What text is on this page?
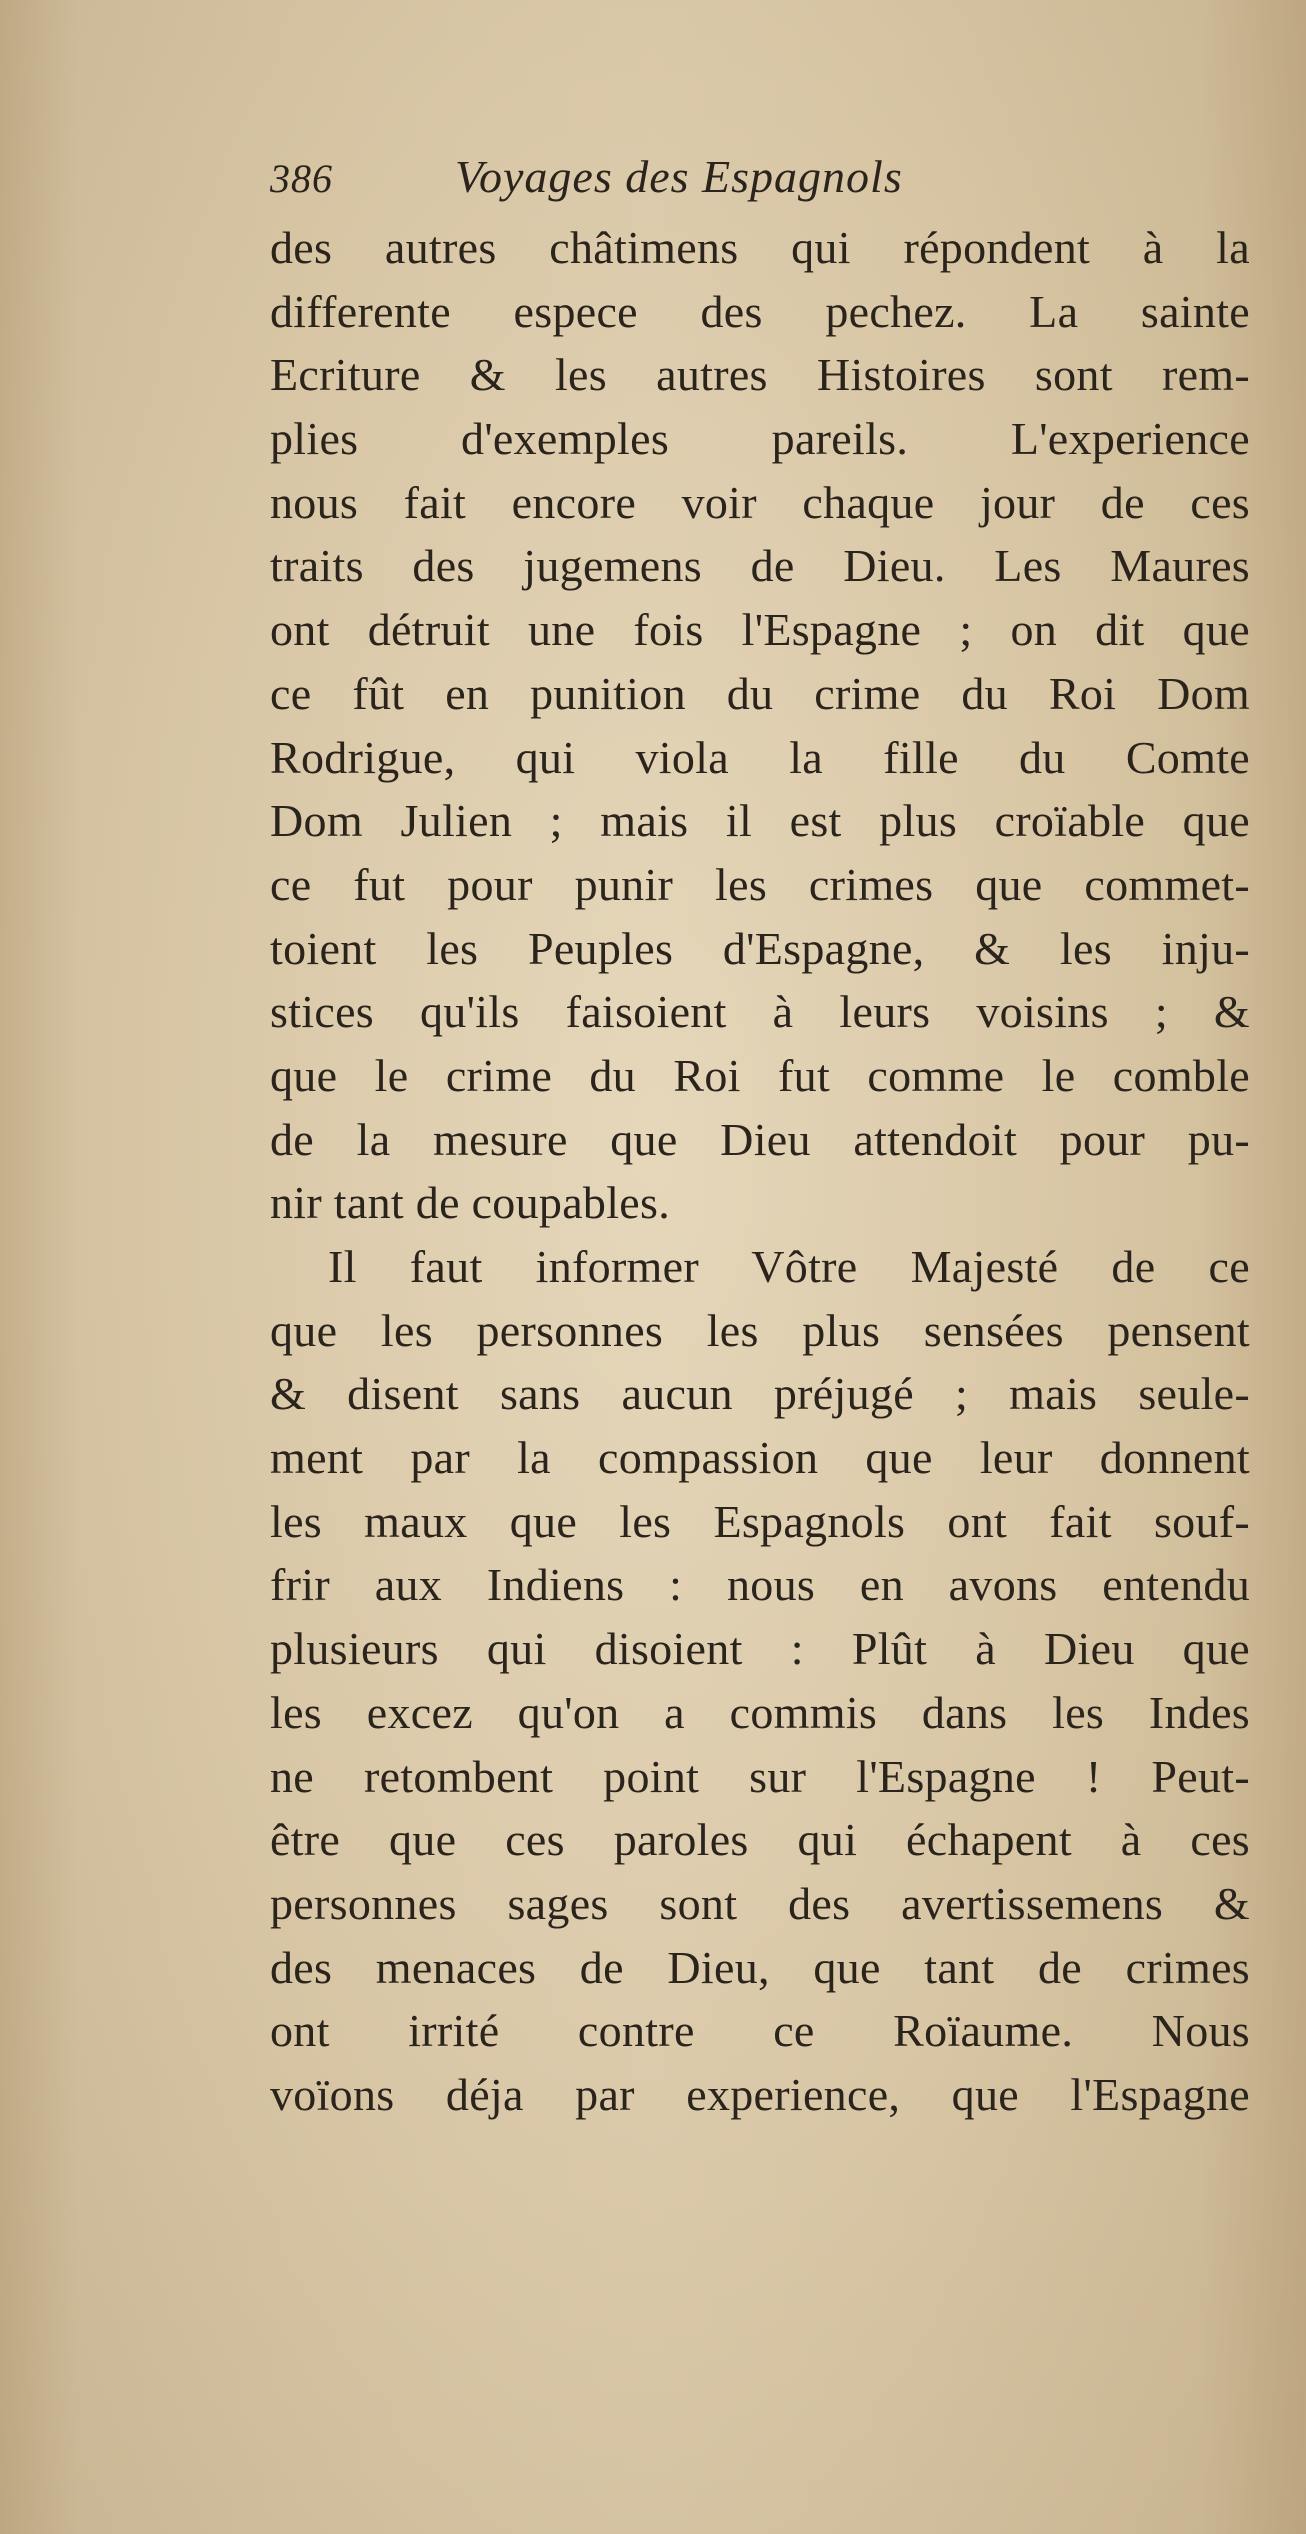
386	Voyages des Espagnols
des autres châtimens qui répondent à la
differente espece des pechez. La sainte
Ecriture & les autres Histoires sont rem-
plies d'exemples pareils. L'experience
nous fait encore voir chaque jour de ces
traits des jugemens de Dieu. Les Maures
ont détruit une fois l'Espagne ; on dit que
ce fût en punition du crime du Roi Dom
Rodrigue, qui viola la fille du Comte
Dom Julien ; mais il est plus croïable que
ce fut pour punir les crimes que commet-
toient les Peuples d'Espagne, & les inju-
stices qu'ils faisoient à leurs voisins ; &
que le crime du Roi fut comme le comble
de la mesure que Dieu attendoit pour pu-
nir tant de coupables.
Il faut informer Vôtre Majesté de ce
que les personnes les plus sensées pensent
& disent sans aucun préjugé ; mais seule-
ment par la compassion que leur donnent
les maux que les Espagnols ont fait souf-
frir aux Indiens : nous en avons entendu
plusieurs qui disoient : Plût à Dieu que
les excez qu'on a commis dans les Indes
ne retombent point sur l'Espagne ! Peut-
être que ces paroles qui échapent à ces
personnes sages sont des avertissemens &
des menaces de Dieu, que tant de crimes
ont irrité contre ce Roïaume. Nous
voïons déja par experience, que l'Espagne
